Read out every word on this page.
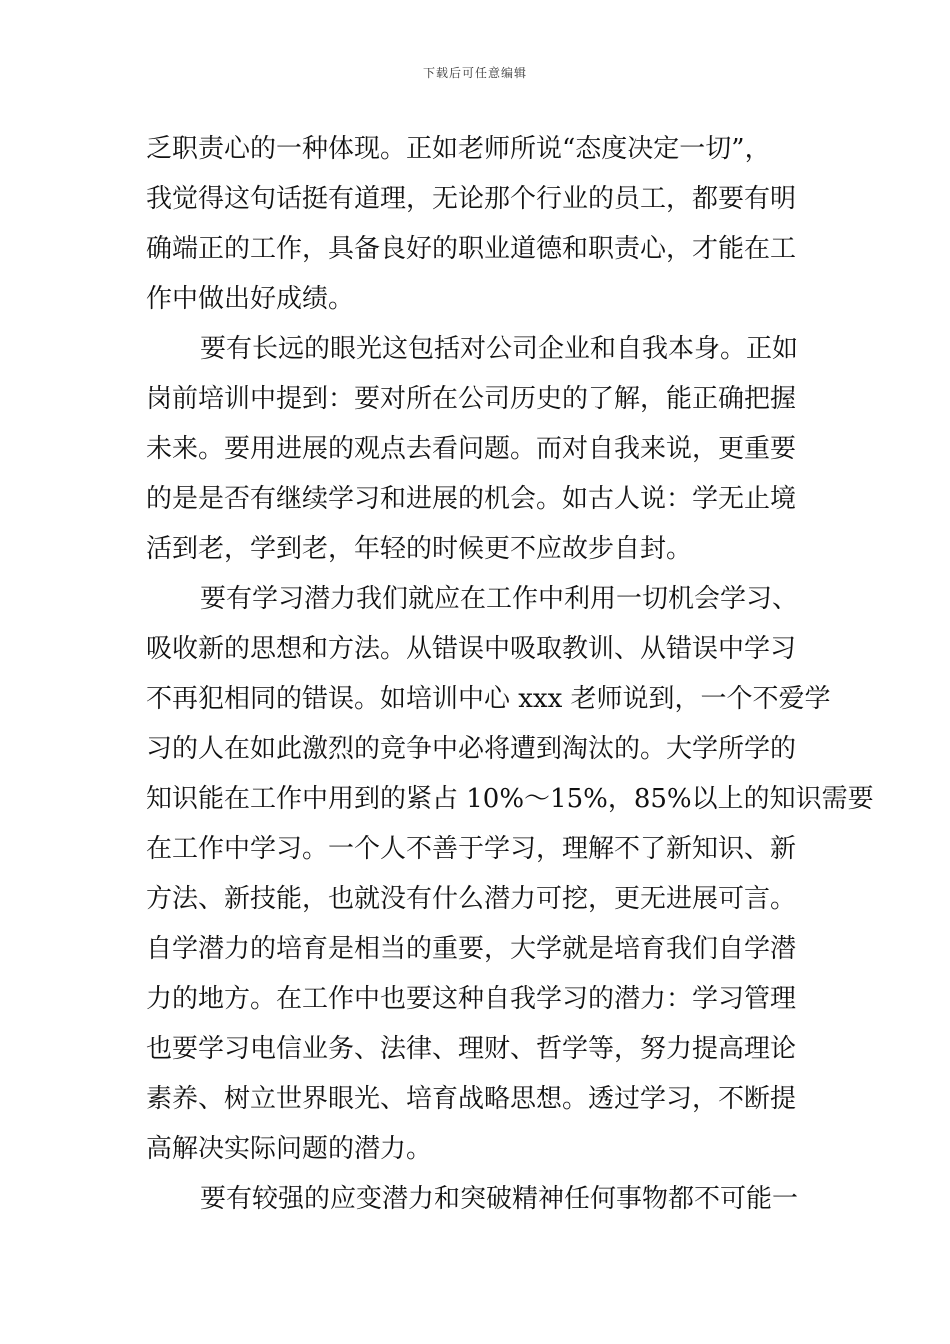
下载后可任意编辑
乏职责心的一种体现。正如老师所说“态度决定一切”，
我觉得这句话挺有道理，无论那个行业的员工，都要有明
确端正的工作，具备良好的职业道德和职责心，才能在工
作中做出好成绩。
要有长远的眼光这包括对公司企业和自我本身。正如
岗前培训中提到：要对所在公司历史的了解，能正确把握
未来。要用进展的观点去看问题。而对自我来说，更重要
的是是否有继续学习和进展的机会。如古人说：学无止境
活到老，学到老，年轻的时候更不应故步自封。
要有学习潜力我们就应在工作中利用一切机会学习、
吸收新的思想和方法。从错误中吸取教训、从错误中学习
不再犯相同的错误。如培训中心 xxx 老师说到，一个不爱学
习的人在如此激烈的竞争中必将遭到淘汰的。大学所学的
知识能在工作中用到的紧占 10%～15%，85%以上的知识需要
在工作中学习。一个人不善于学习，理解不了新知识、新
方法、新技能，也就没有什么潜力可挖，更无进展可言。
自学潜力的培育是相当的重要，大学就是培育我们自学潜
力的地方。在工作中也要这种自我学习的潜力：学习管理
也要学习电信业务、法律、理财、哲学等，努力提高理论
素养、树立世界眼光、培育战略思想。透过学习，不断提
高解决实际问题的潜力。
要有较强的应变潜力和突破精神任何事物都不可能一
